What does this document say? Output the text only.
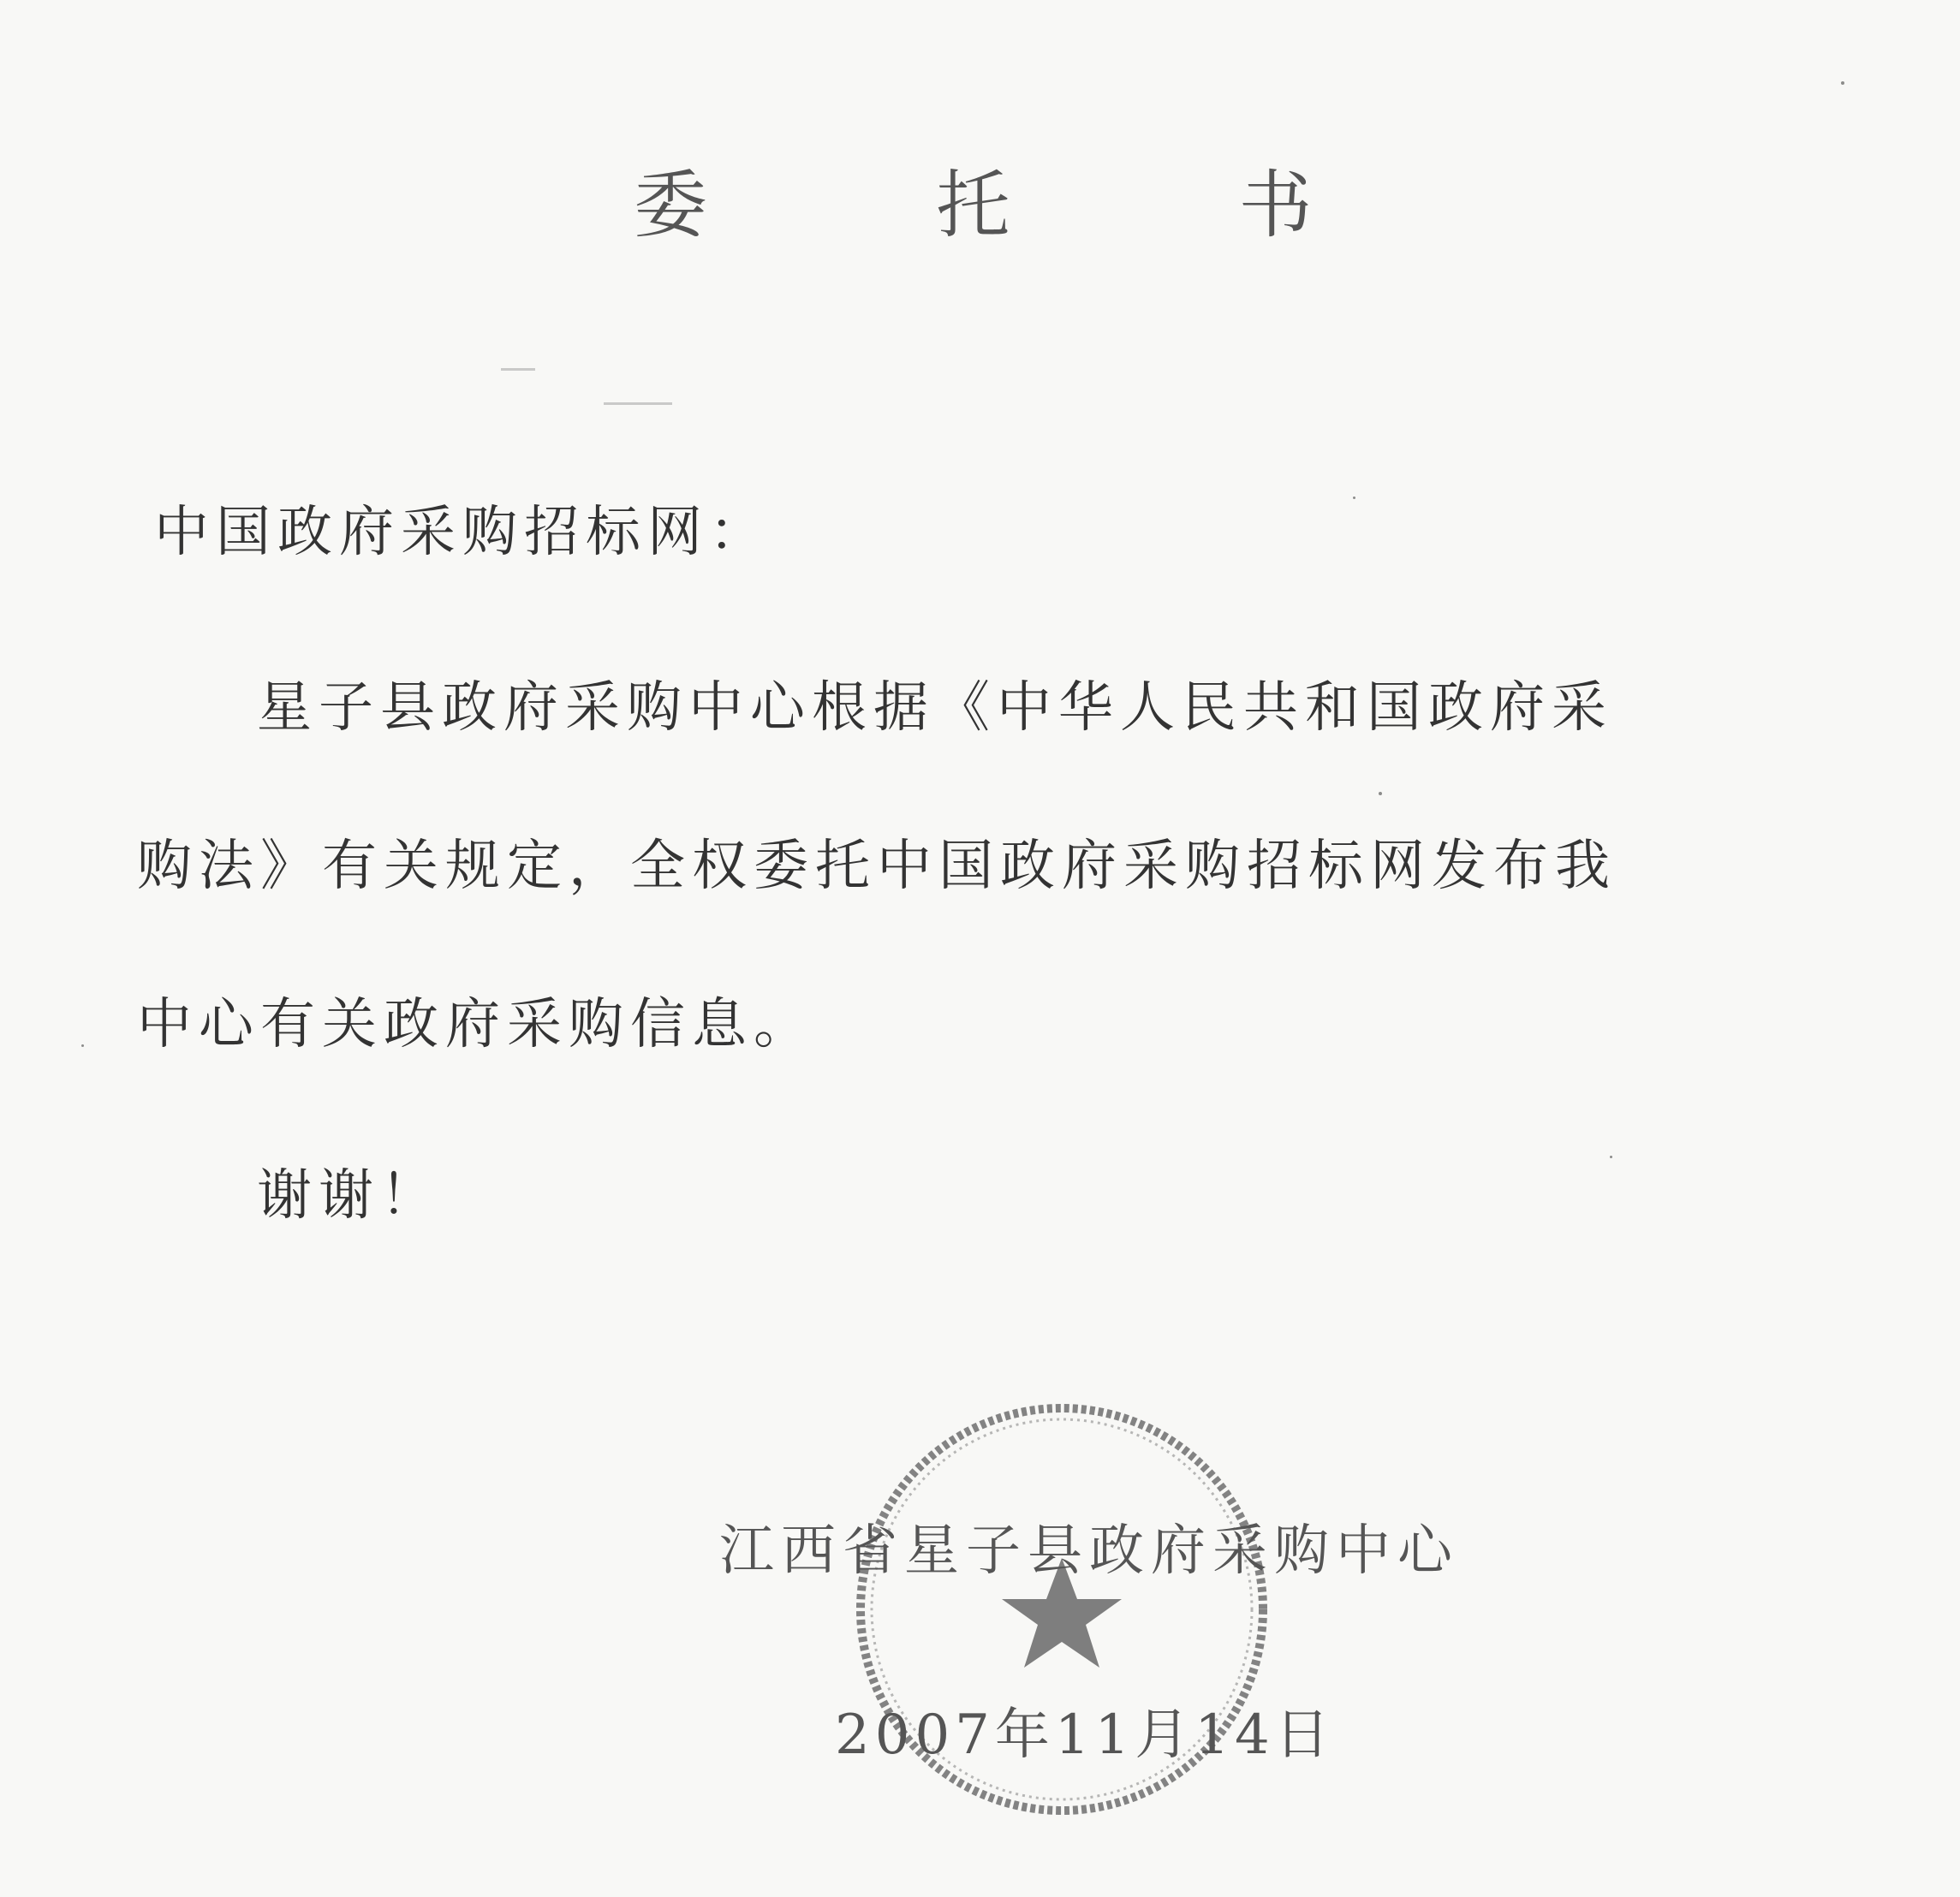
委 托 书
中国政府采购招标网：
星子县政府采购中心根据《中华人民共和国政府采
购法》有关规定，全权委托中国政府采购招标网发布我
中心有关政府采购信息。
谢谢！
江西省星子县政府采购中心
2007年11月14日
